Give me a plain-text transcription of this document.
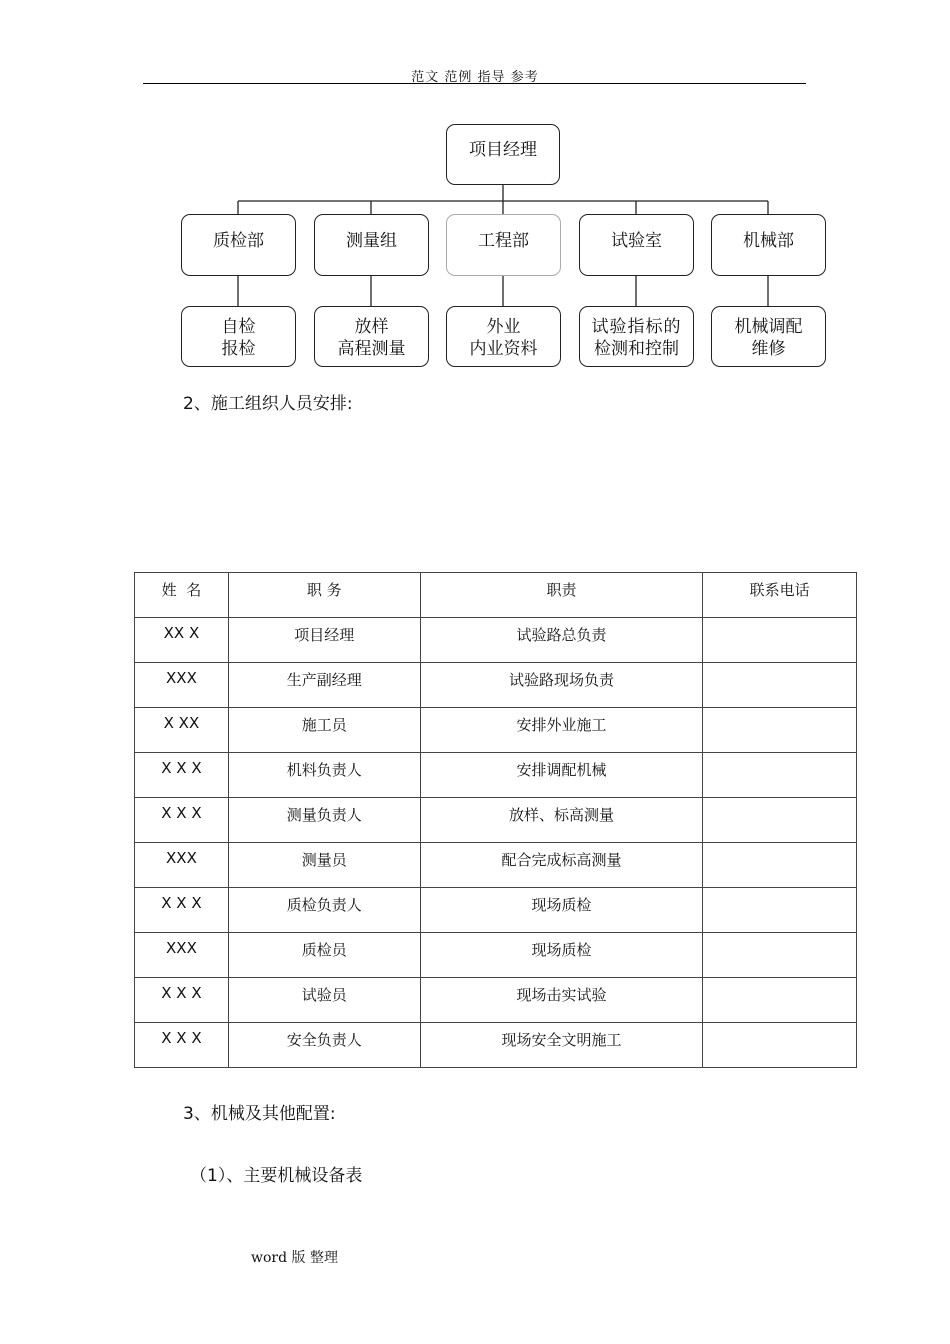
范文 范例 指导 参考
项目经理
质检部	测量组	工程部	试验室	机械部
自检
报检
放样
高程测量
外业
内业资料
试验指标的
检测和控制
机械调配
维修
2、施工组织人员安排:
姓  名	职 务	职责	联系电话
XX X	项目经理	试验路总负责	
XXX	生产副经理	试验路现场负责	
X XX	施工员	安排外业施工	
X X X	机料负责人	安排调配机械	
X X X	测量负责人	放样、标高测量	
XXX	测量员	配合完成标高测量	
X X X	质检负责人	现场质检	
XXX	质检员	现场质检	
X X X	试验员	现场击实试验	
X X X	安全负责人	现场安全文明施工	
3、机械及其他配置:
（1）、主要机械设备表
word 版 整理
